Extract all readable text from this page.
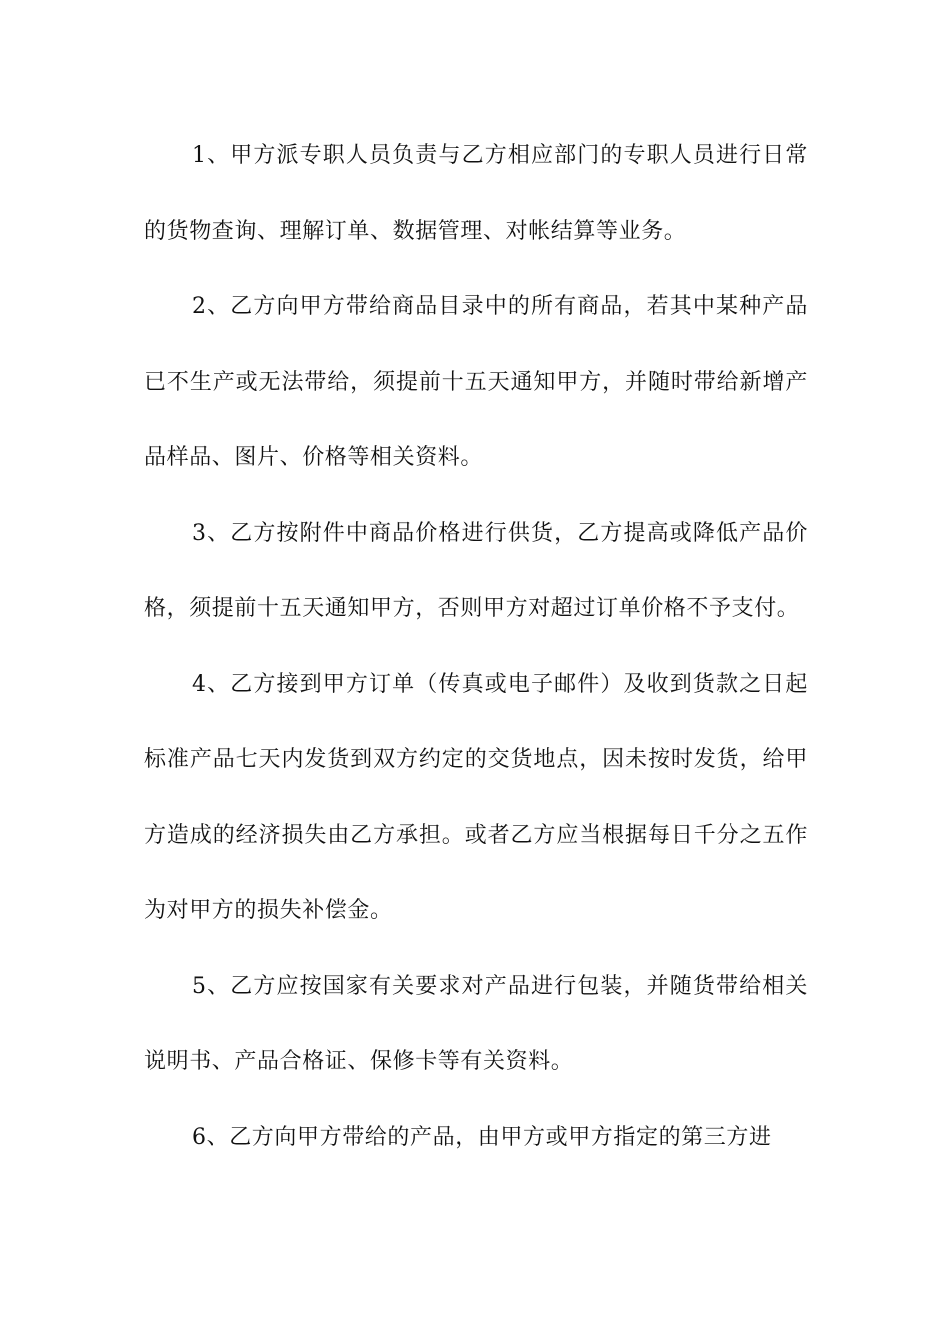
1、甲方派专职人员负责与乙方相应部门的专职人员进行日常的货物查询、理解订单、数据管理、对帐结算等业务。

2、乙方向甲方带给商品目录中的所有商品，若其中某种产品已不生产或无法带给，须提前十五天通知甲方，并随时带给新增产品样品、图片、价格等相关资料。

3、乙方按附件中商品价格进行供货，乙方提高或降低产品价格，须提前十五天通知甲方，否则甲方对超过订单价格不予支付。

4、乙方接到甲方订单（传真或电子邮件）及收到货款之日起标准产品七天内发货到双方约定的交货地点，因未按时发货，给甲方造成的经济损失由乙方承担。或者乙方应当根据每日千分之五作为对甲方的损失补偿金。

5、乙方应按国家有关要求对产品进行包装，并随货带给相关说明书、产品合格证、保修卡等有关资料。

6、乙方向甲方带给的产品，由甲方或甲方指定的第三方进
